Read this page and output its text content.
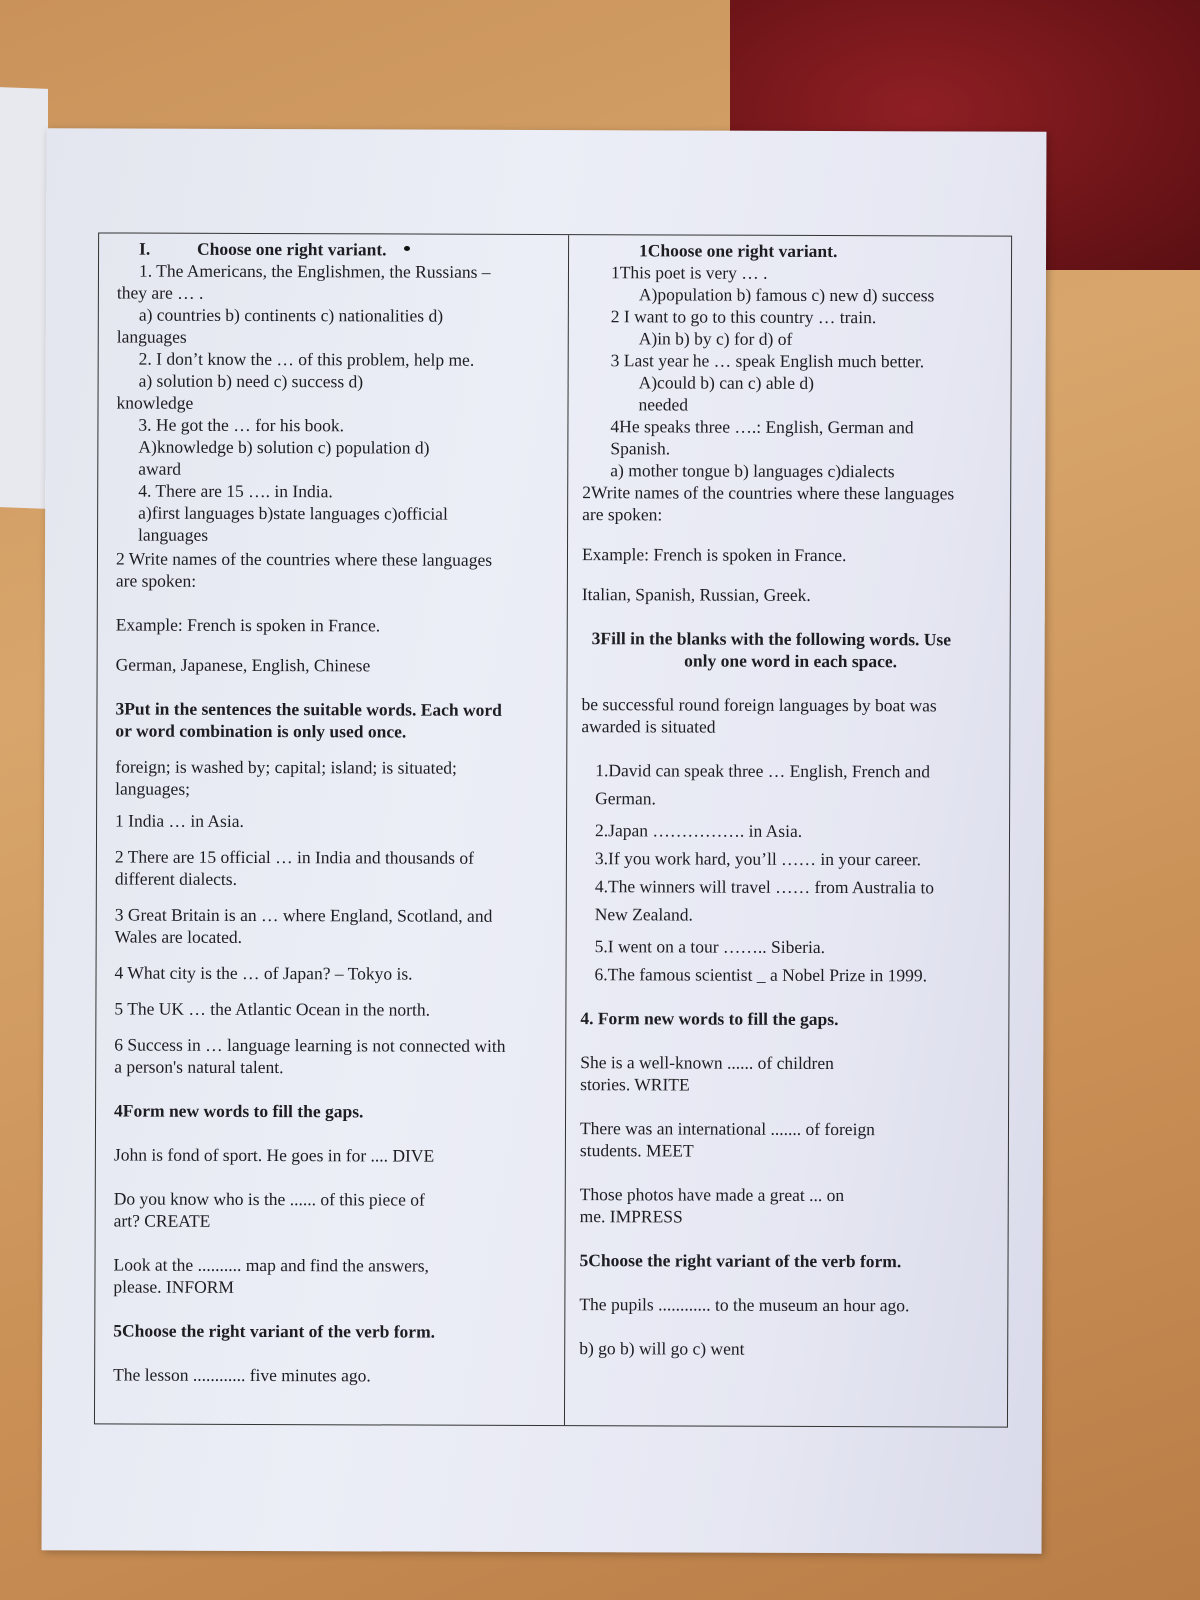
I.	Choose one right variant.

1. The Americans, the Englishmen, the Russians –

they are … .

a) countries b) continents c) nationalities d)

languages

2. I don’t know the … of this problem, help me.

a) solution b) need c) success d)

knowledge

3. He got the … for his book.

A)knowledge b) solution c) population d)

award

4. There are 15 …. in India.

a)first languages b)state languages c)official

languages

2 Write names of the countries where these languages

are spoken:

Example: French is spoken in France.

German, Japanese, English, Chinese

3Put in the sentences the suitable words. Each word

or word combination is only used once.

foreign; is washed by; capital; island; is situated;

languages;

1 India … in Asia.

2 There are 15 official … in India and thousands of

different dialects.

3 Great Britain is an … where England, Scotland, and

Wales are located.

4 What city is the … of Japan? – Tokyo is.

5 The UK … the Atlantic Ocean in the north.

6 Success in … language learning is not connected with

a person's natural talent.

4Form new words to fill the gaps.

John is fond of sport. He goes in for .... DIVE

Do you know who is the ...... of this piece of

art? CREATE

Look at the .......... map and find the answers,

please. INFORM

5Choose the right variant of the verb form.

The lesson ............ five minutes ago.

1Choose one right variant.

1This poet is very … .

A)population b) famous c) new d) success

2 I want to go to this country … train.

A)in b) by c) for d) of

3 Last year he … speak English much better.

A)could b) can c) able d)

needed

4He speaks three ….: English, German and

Spanish.

a) mother tongue b) languages c)dialects

2Write names of the countries where these languages

are spoken:

Example: French is spoken in France.

Italian, Spanish, Russian, Greek.

3Fill in the blanks with the following words. Use

only one word in each space.

be successful round foreign languages by boat was

awarded is situated

1.David can speak three … English, French and

German.

2.Japan ……………. in Asia.

3.If you work hard, you’ll …… in your career.

4.The winners will travel …… from Australia to

New Zealand.

5.I went on a tour …….. Siberia.

6.The famous scientist _ a Nobel Prize in 1999.

4. Form new words to fill the gaps.

She is a well-known ...... of children

stories. WRITE

There was an international ....... of foreign

students. MEET

Those photos have made a great ... on

me. IMPRESS

5Choose the right variant of the verb form.

The pupils ............ to the museum an hour ago.

b) go b) will go c) went
